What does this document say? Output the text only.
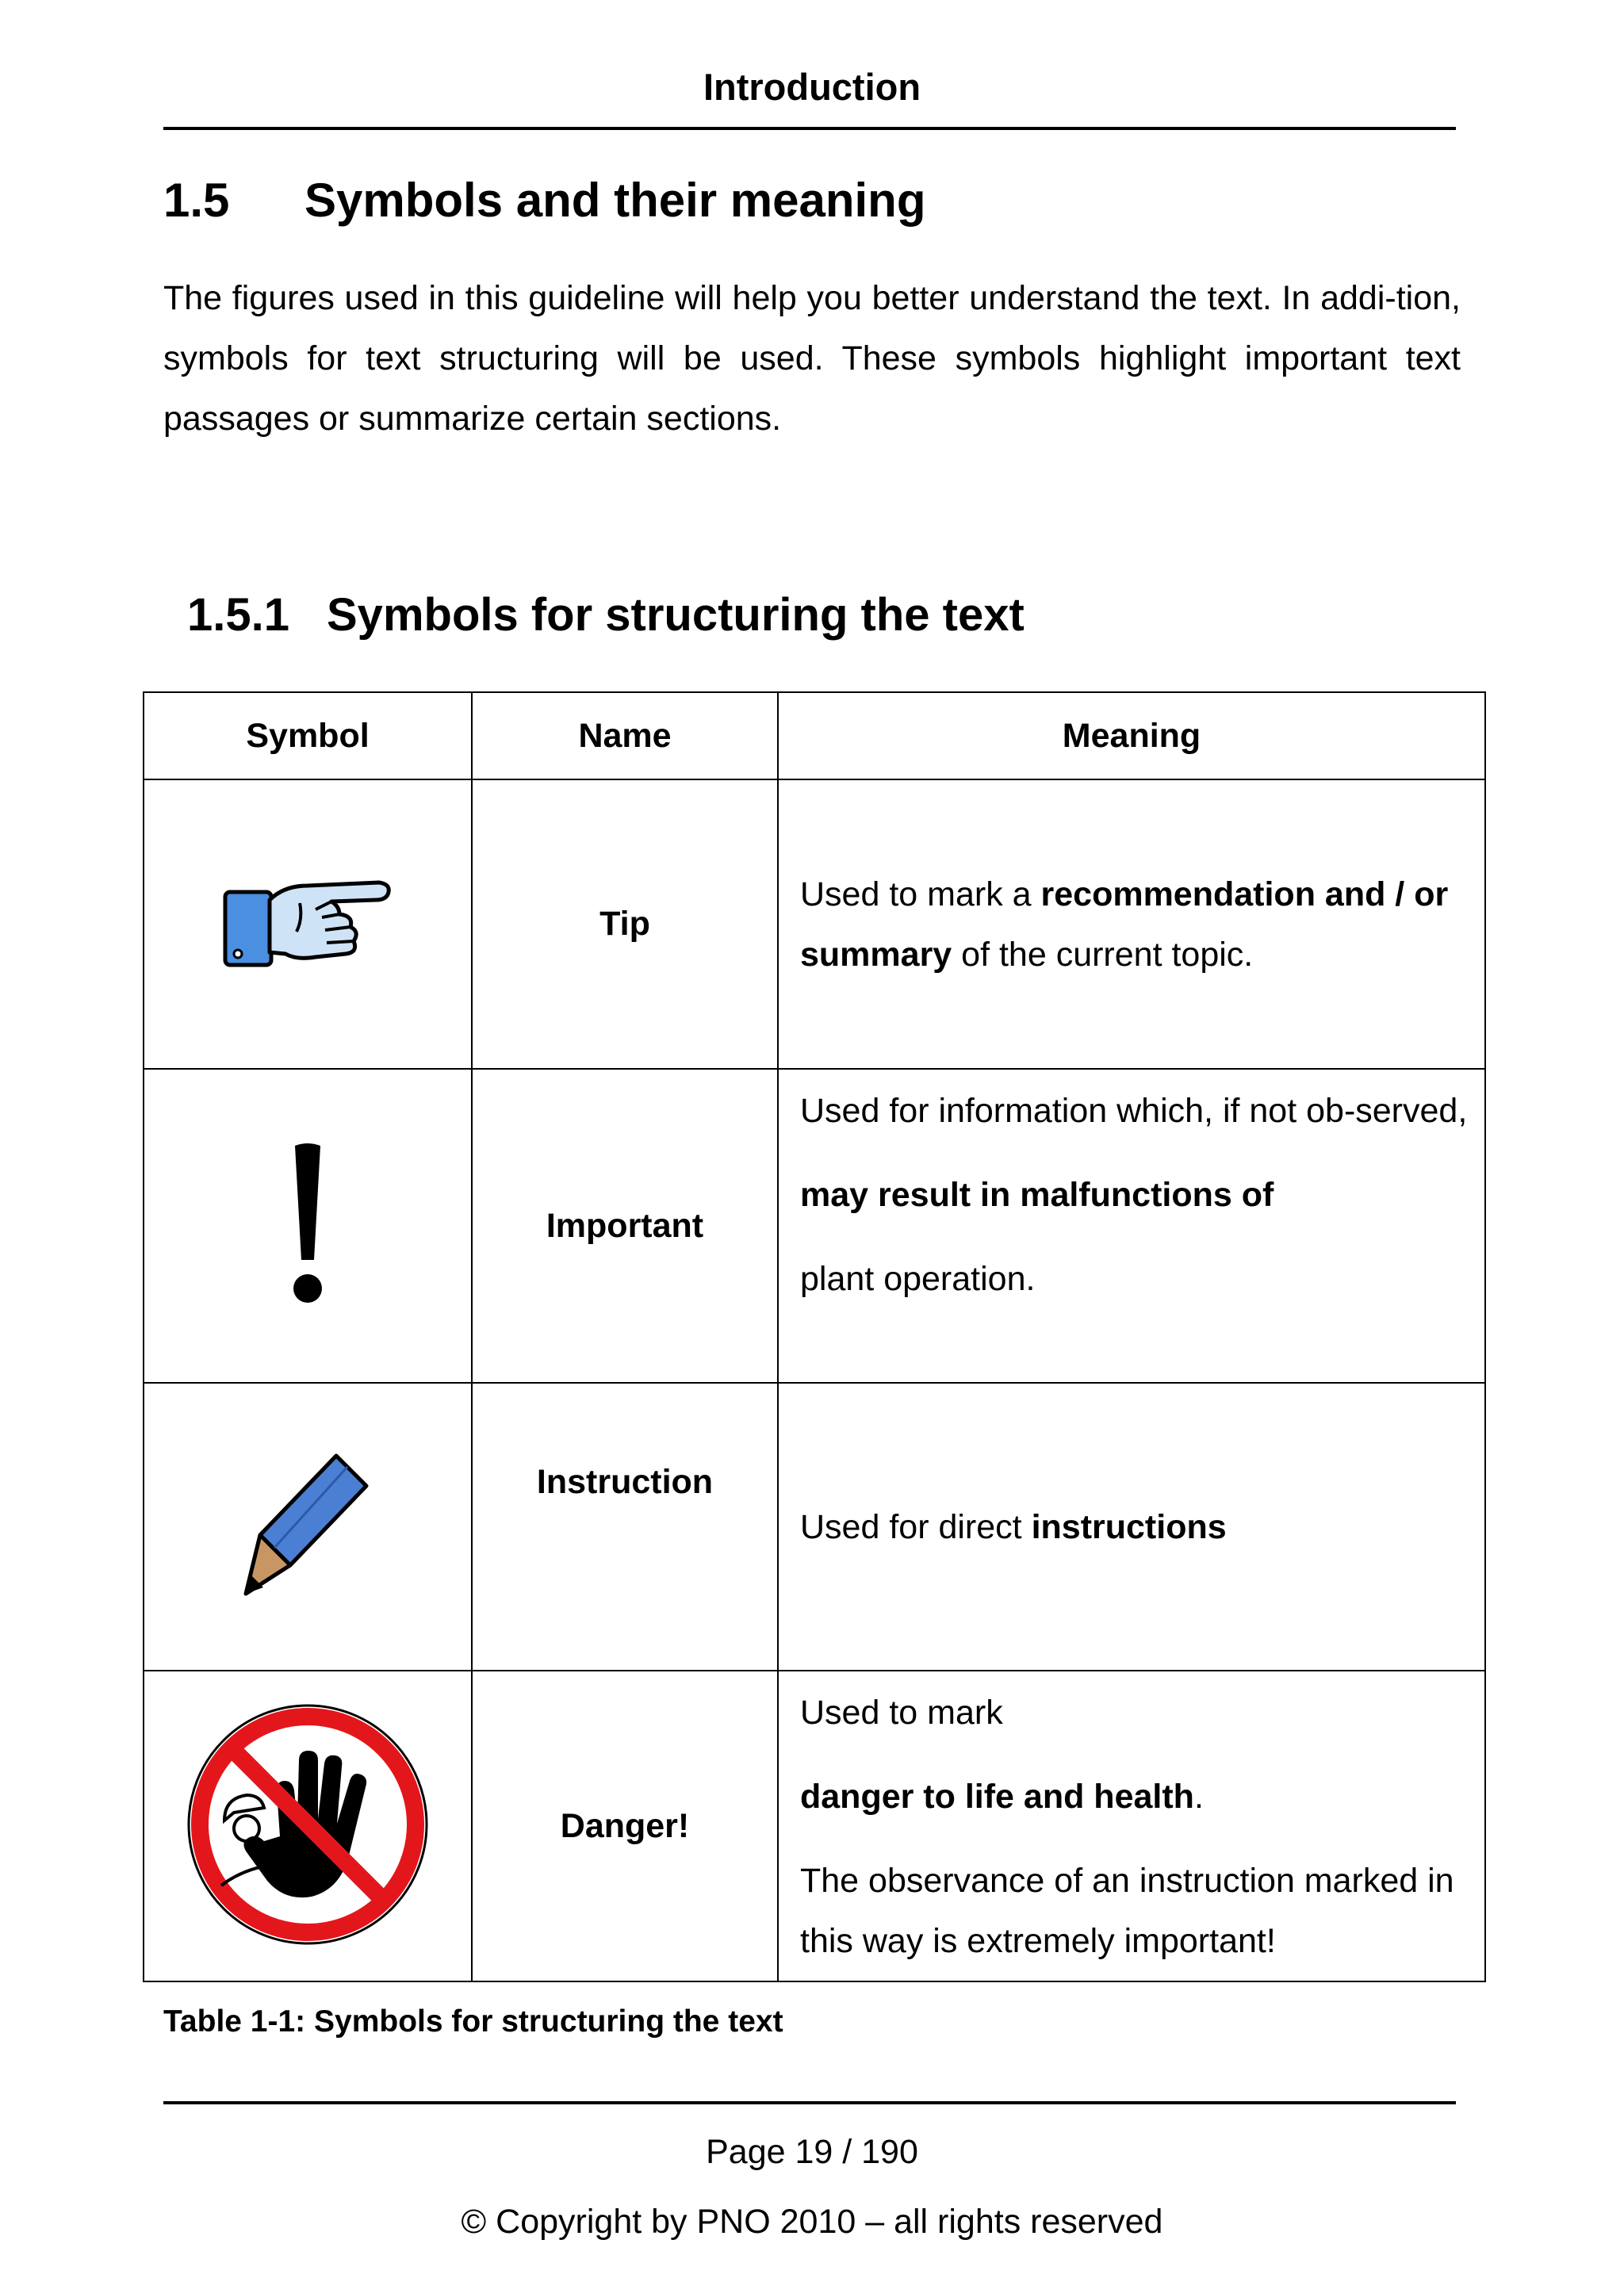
Introduction
1.5 Symbols and their meaning
The figures used in this guideline will help you better understand the text. In addi-tion, symbols for text structuring will be used. These symbols highlight important text passages or summarize certain sections.
1.5.1 Symbols for structuring the text
Symbol	Name	Meaning
	Tip	Used to mark a recommendation and / or summary of the current topic.
	Important	Used for information which, if not ob-served,
may result in malfunctions of
plant operation.

	Instruction	Used for direct instructions
	Danger!	Used to mark
danger to life and health.
The observance of an instruction marked in this way is extremely important!
Table 1-1: Symbols for structuring the text
Page 19 / 190
© Copyright by PNO 2010 – all rights reserved
